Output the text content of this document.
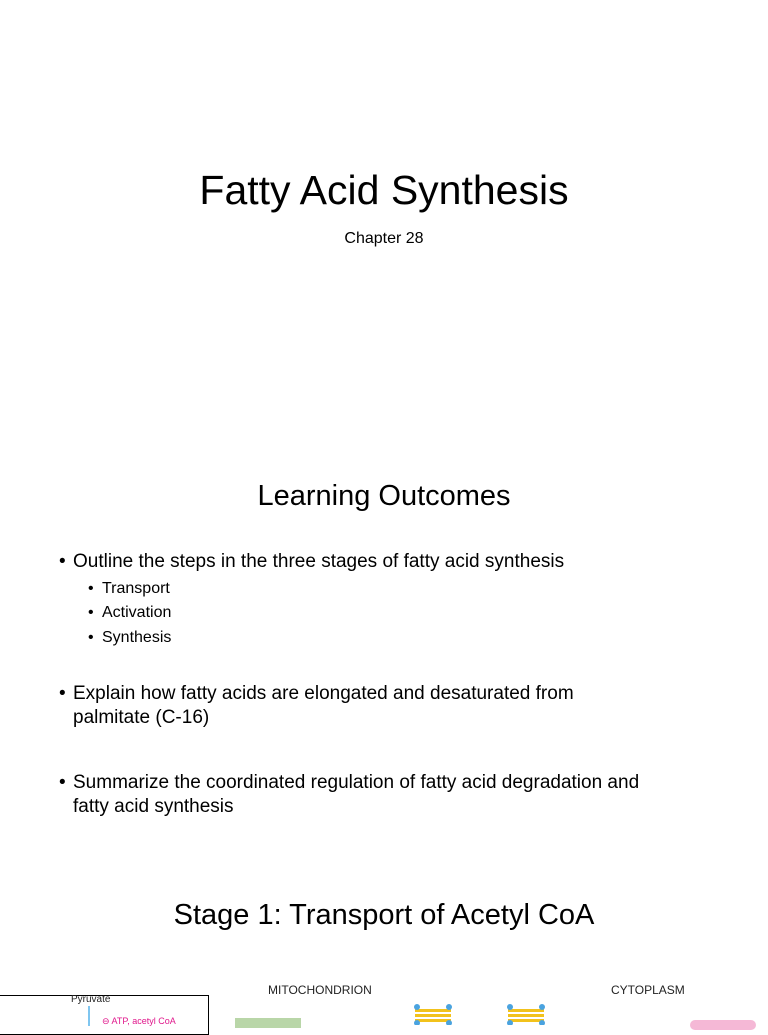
Fatty Acid Synthesis
Chapter 28
Learning Outcomes
• Outline the steps in the three stages of fatty acid synthesis
• Transport
• Activation
• Synthesis
• Explain how fatty acids are elongated and desaturated from
palmitate (C-16)
• Summarize the coordinated regulation of fatty acid degradation and
fatty acid synthesis
Stage 1: Transport of Acetyl CoA
MITOCHONDRION	CYTOPLASM
Pyruvate
⊖ ATP, acetyl CoA
